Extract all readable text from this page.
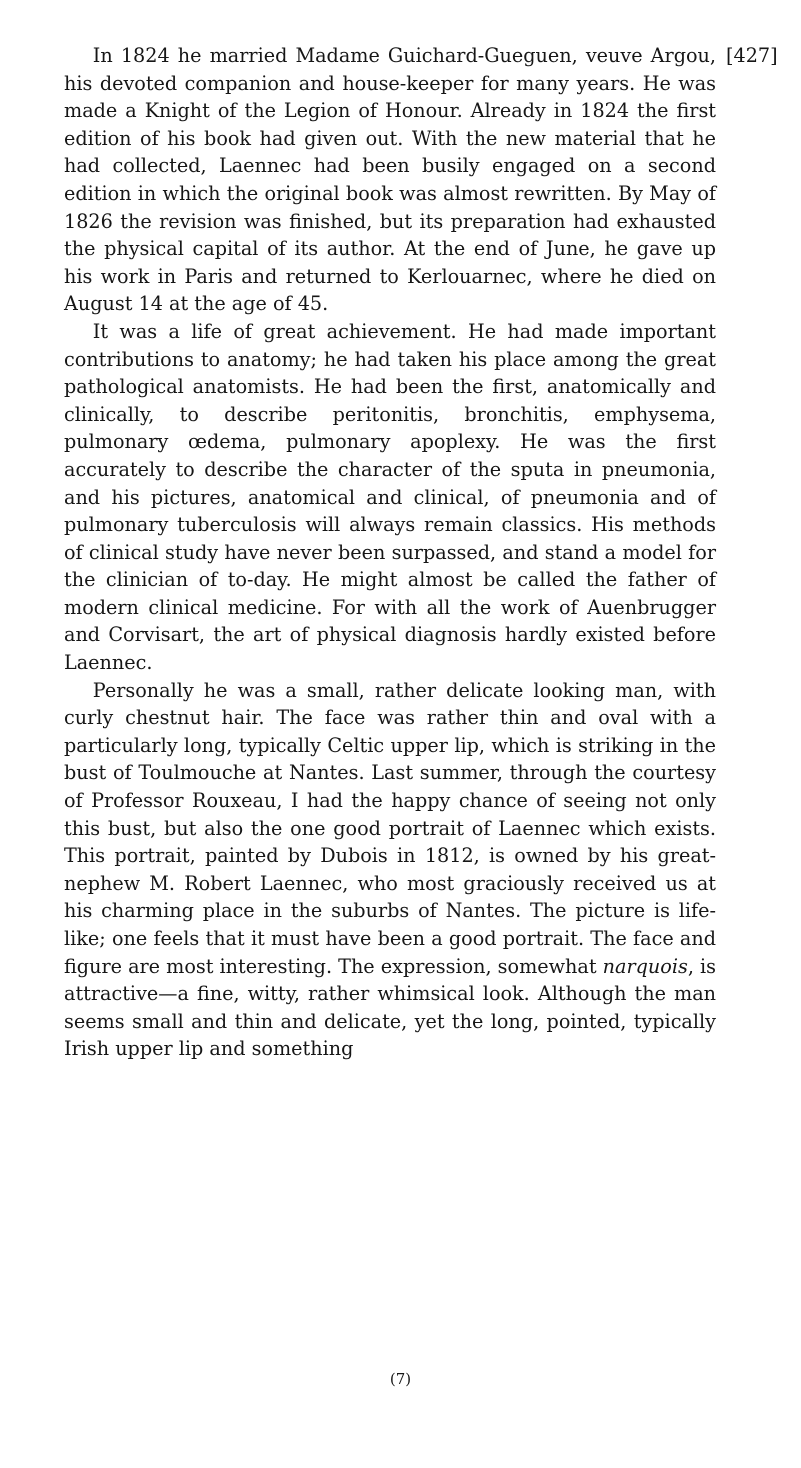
[427]

In 1824 he married Madame Guichard-Gueguen, veuve Argou, his devoted companion and house-keeper for many years. He was made a Knight of the Legion of Honour. Already in 1824 the first edition of his book had given out. With the new material that he had collected, Laennec had been busily engaged on a second edition in which the original book was almost rewritten. By May of 1826 the revision was finished, but its preparation had exhausted the physical capital of its author. At the end of June, he gave up his work in Paris and returned to Kerlouarnec, where he died on August 14 at the age of 45.

It was a life of great achievement. He had made important contributions to anatomy; he had taken his place among the great pathological anatomists. He had been the first, anatomically and clinically, to describe peritonitis, bronchitis, emphysema, pulmonary œdema, pulmonary apoplexy. He was the first accurately to describe the character of the sputa in pneumonia, and his pictures, anatomical and clinical, of pneumonia and of pulmonary tuberculosis will always remain classics. His methods of clinical study have never been surpassed, and stand a model for the clinician of to-day. He might almost be called the father of modern clinical medicine. For with all the work of Auenbrugger and Corvisart, the art of physical diagnosis hardly existed before Laennec.

Personally he was a small, rather delicate looking man, with curly chestnut hair. The face was rather thin and oval with a particularly long, typically Celtic upper lip, which is striking in the bust of Toulmouche at Nantes. Last summer, through the courtesy of Professor Rouxeau, I had the happy chance of seeing not only this bust, but also the one good portrait of Laennec which exists. This portrait, painted by Dubois in 1812, is owned by his great-nephew M. Robert Laennec, who most graciously received us at his charming place in the suburbs of Nantes. The picture is life-like; one feels that it must have been a good portrait. The face and figure are most interesting. The expression, somewhat narquois, is attractive—a fine, witty, rather whimsical look. Although the man seems small and thin and delicate, yet the long, pointed, typically Irish upper lip and something

(7)
